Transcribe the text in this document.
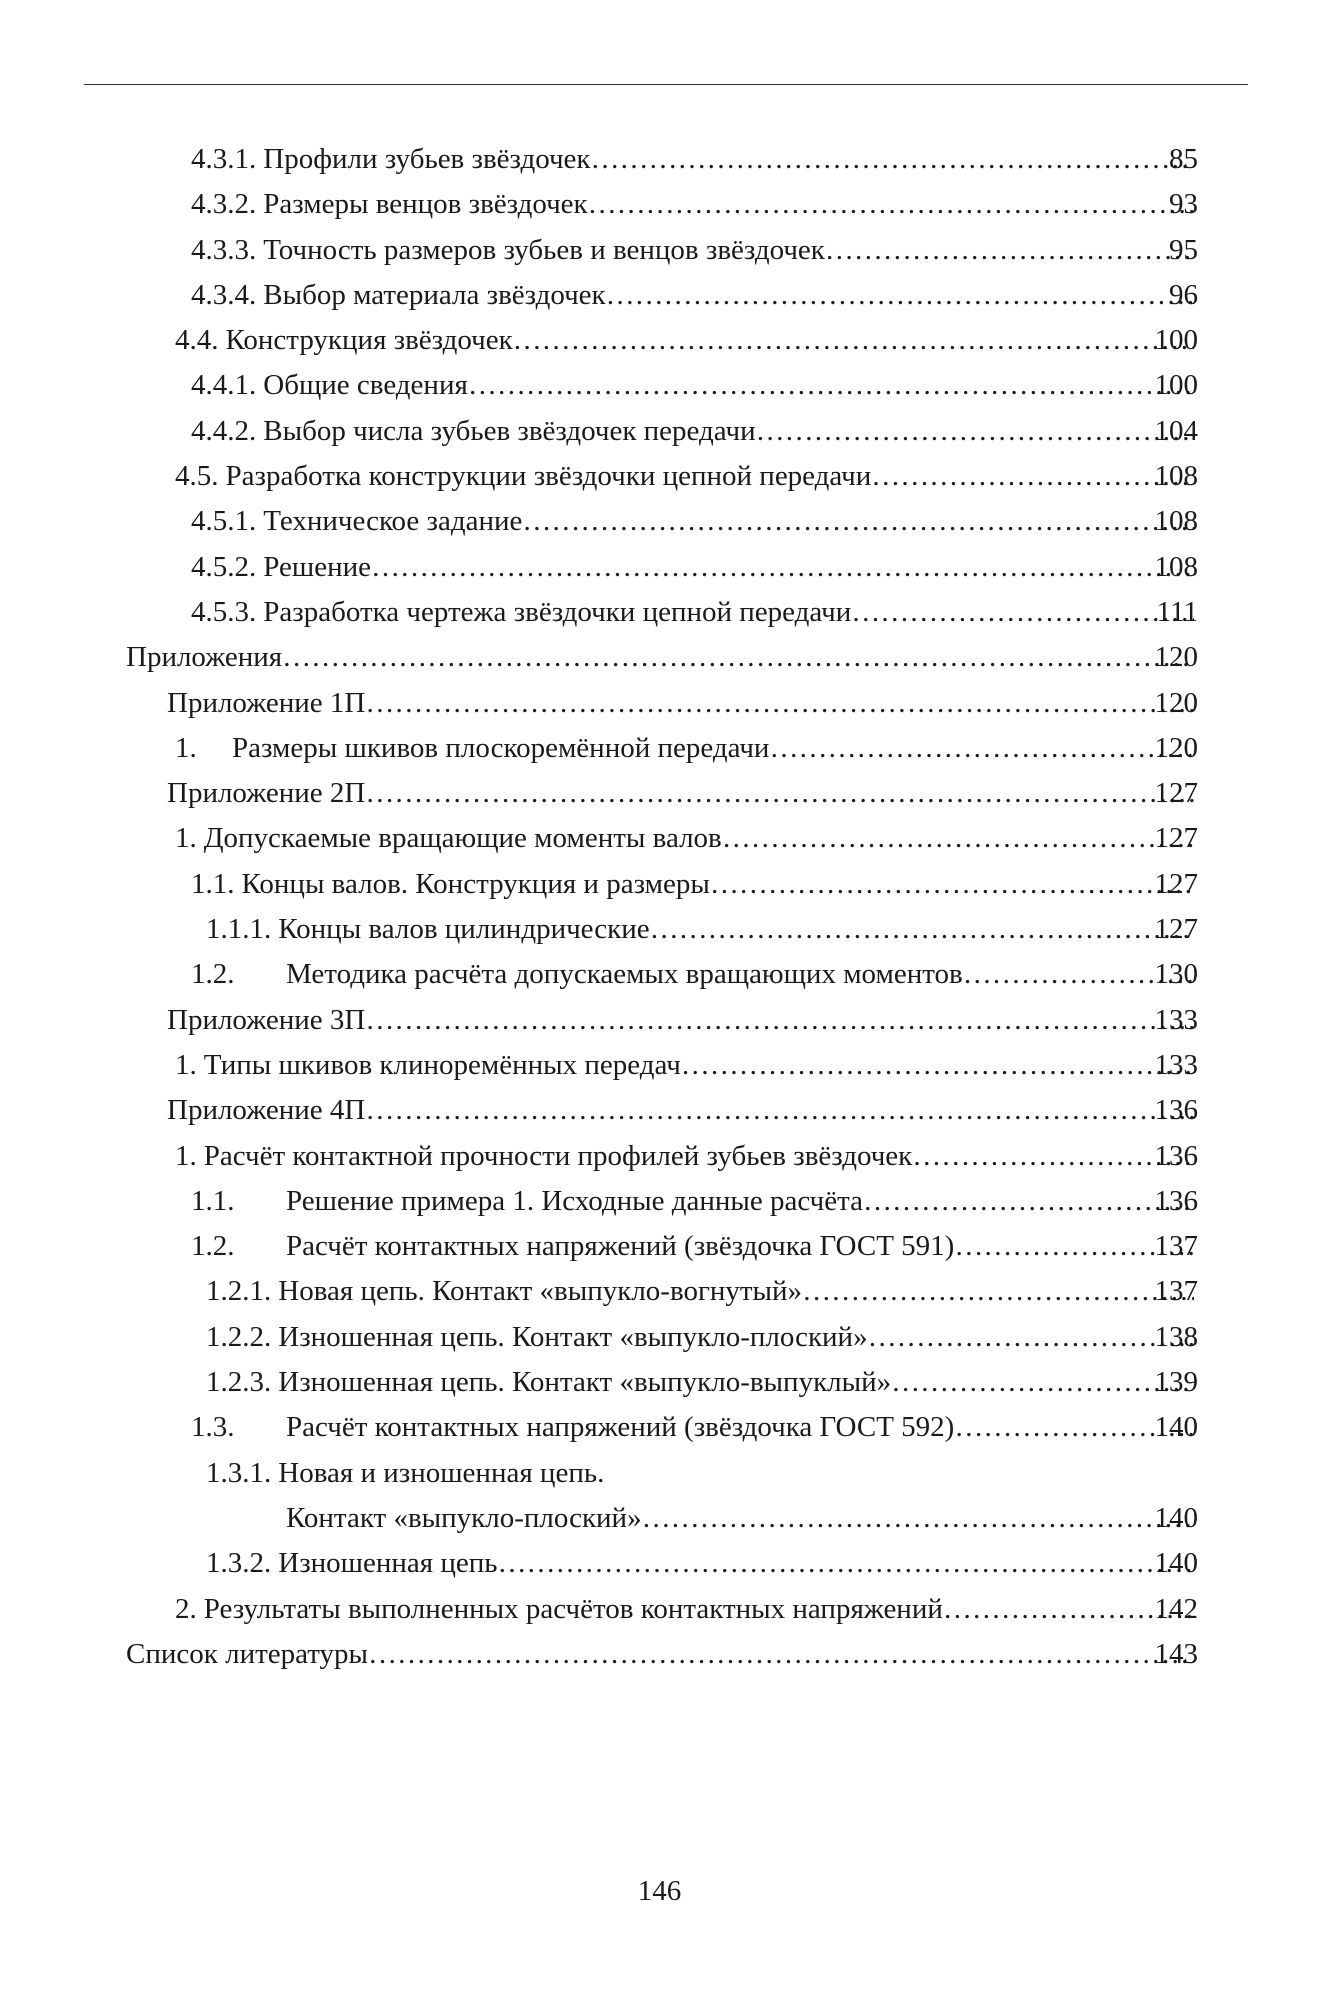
4.3.1. Профили зубьев звёздочек ……………………………………………………………………………………………………………………………………………………	85
4.3.2. Размеры венцов звёздочек ……………………………………………………………………………………………………………………………………………………	93
4.3.3. Точность размеров зубьев и венцов звёздочек ……………………………………………………………………………………………………………………………………………………	95
4.3.4. Выбор материала звёздочек ……………………………………………………………………………………………………………………………………………………	96
4.4. Конструкция звёздочек ……………………………………………………………………………………………………………………………………………………	100
4.4.1. Общие сведения ……………………………………………………………………………………………………………………………………………………	100
4.4.2. Выбор числа зубьев звёздочек передачи ……………………………………………………………………………………………………………………………………………………	104
4.5. Разработка конструкции звёздочки цепной передачи ……………………………………………………………………………………………………………………………………………………	108
4.5.1. Техническое задание ……………………………………………………………………………………………………………………………………………………	108
4.5.2. Решение ……………………………………………………………………………………………………………………………………………………	108
4.5.3. Разработка чертежа звёздочки цепной передачи ……………………………………………………………………………………………………………………………………………………	111
Приложения ……………………………………………………………………………………………………………………………………………………	120
Приложение 1П ……………………………………………………………………………………………………………………………………………………	120
1.	Размеры шкивов плоскоремённой передачи ……………………………………………………………………………………………………………………………………………………	120
Приложение 2П ……………………………………………………………………………………………………………………………………………………	127
1. Допускаемые вращающие моменты валов ……………………………………………………………………………………………………………………………………………………	127
1.1. Концы валов. Конструкция и размеры ……………………………………………………………………………………………………………………………………………………	127
1.1.1. Концы валов цилиндрические ……………………………………………………………………………………………………………………………………………………	127
1.2.	Методика расчёта допускаемых вращающих моментов ……………………………………………………………………………………………………………………………………………………	130
Приложение 3П ……………………………………………………………………………………………………………………………………………………	133
1. Типы шкивов клиноремённых передач ……………………………………………………………………………………………………………………………………………………	133
Приложение 4П ……………………………………………………………………………………………………………………………………………………	136
1. Расчёт контактной прочности профилей зубьев звёздочек ……………………………………………………………………………………………………………………………………………………	136
1.1.	Решение примера 1. Исходные данные расчёта ……………………………………………………………………………………………………………………………………………………	136
1.2.	Расчёт контактных напряжений (звёздочка ГОСТ 591) ……………………………………………………………………………………………………………………………………………………	137
1.2.1. Новая цепь. Контакт «выпукло-вогнутый» ……………………………………………………………………………………………………………………………………………………	137
1.2.2. Изношенная цепь. Контакт «выпукло-плоский» ……………………………………………………………………………………………………………………………………………………	138
1.2.3. Изношенная цепь. Контакт «выпукло-выпуклый» ……………………………………………………………………………………………………………………………………………………	139
1.3.	Расчёт контактных напряжений (звёздочка ГОСТ 592) ……………………………………………………………………………………………………………………………………………………	140
1.3.1. Новая и изношенная цепь.
Контакт «выпукло-плоский» ……………………………………………………………………………………………………………………………………………………	140
1.3.2. Изношенная цепь ……………………………………………………………………………………………………………………………………………………	140
2. Результаты выполненных расчётов контактных напряжений ……………………………………………………………………………………………………………………………………………………	142
Список литературы ……………………………………………………………………………………………………………………………………………………	143
146
